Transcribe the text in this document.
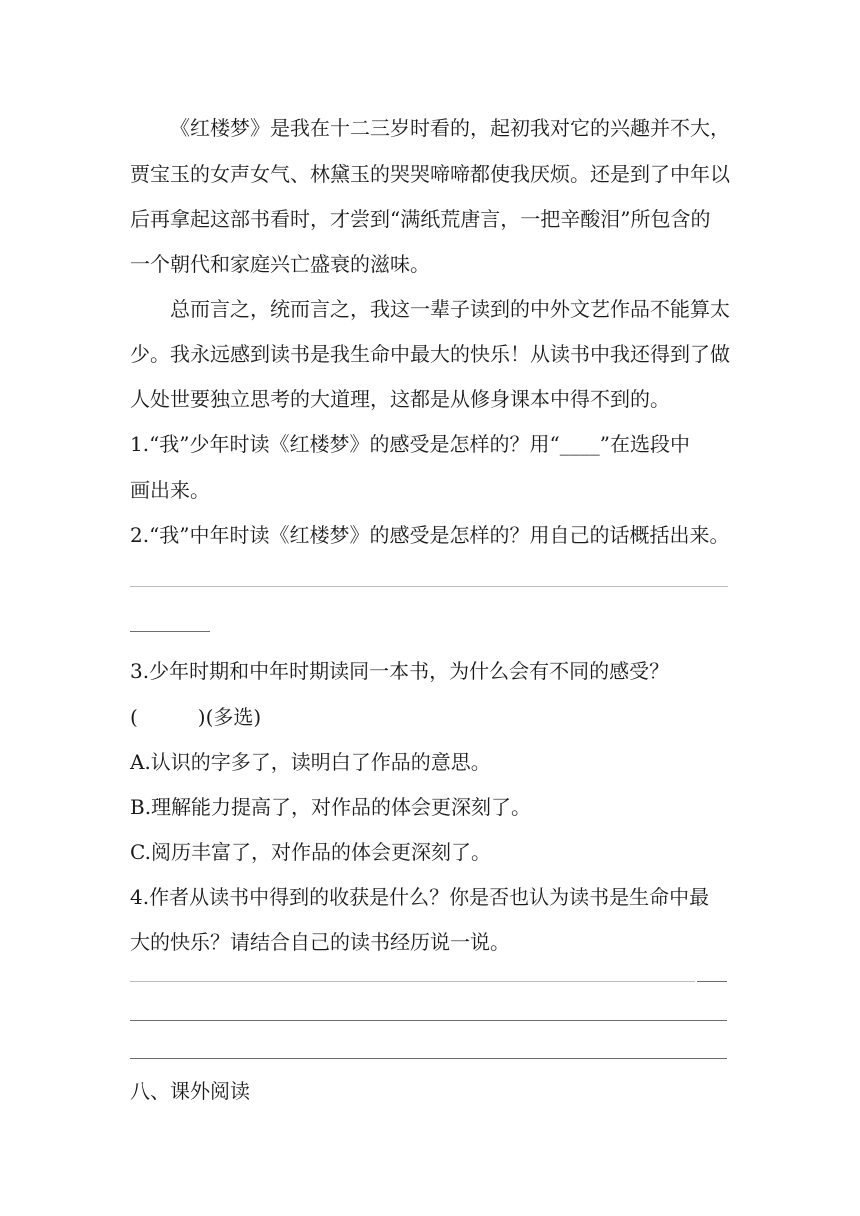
《红楼梦》是我在十二三岁时看的，起初我对它的兴趣并不大，
贾宝玉的女声女气、林黛玉的哭哭啼啼都使我厌烦。还是到了中年以
后再拿起这部书看时，才尝到“满纸荒唐言，一把辛酸泪”所包含的
一个朝代和家庭兴亡盛衰的滋味。
总而言之，统而言之，我这一辈子读到的中外文艺作品不能算太
少。我永远感到读书是我生命中最大的快乐！从读书中我还得到了做
人处世要独立思考的大道理，这都是从修身课本中得不到的。
1.“我”少年时读《红楼梦》的感受是怎样的？用“____”在选段中
画出来。
2.“我”中年时读《红楼梦》的感受是怎样的？用自己的话概括出来。
3.少年时期和中年时期读同一本书，为什么会有不同的感受？
(　　　)(多选)
A.认识的字多了，读明白了作品的意思。
B.理解能力提高了，对作品的体会更深刻了。
C.阅历丰富了，对作品的体会更深刻了。
4.作者从读书中得到的收获是什么？你是否也认为读书是生命中最
大的快乐？请结合自己的读书经历说一说。
八、课外阅读
